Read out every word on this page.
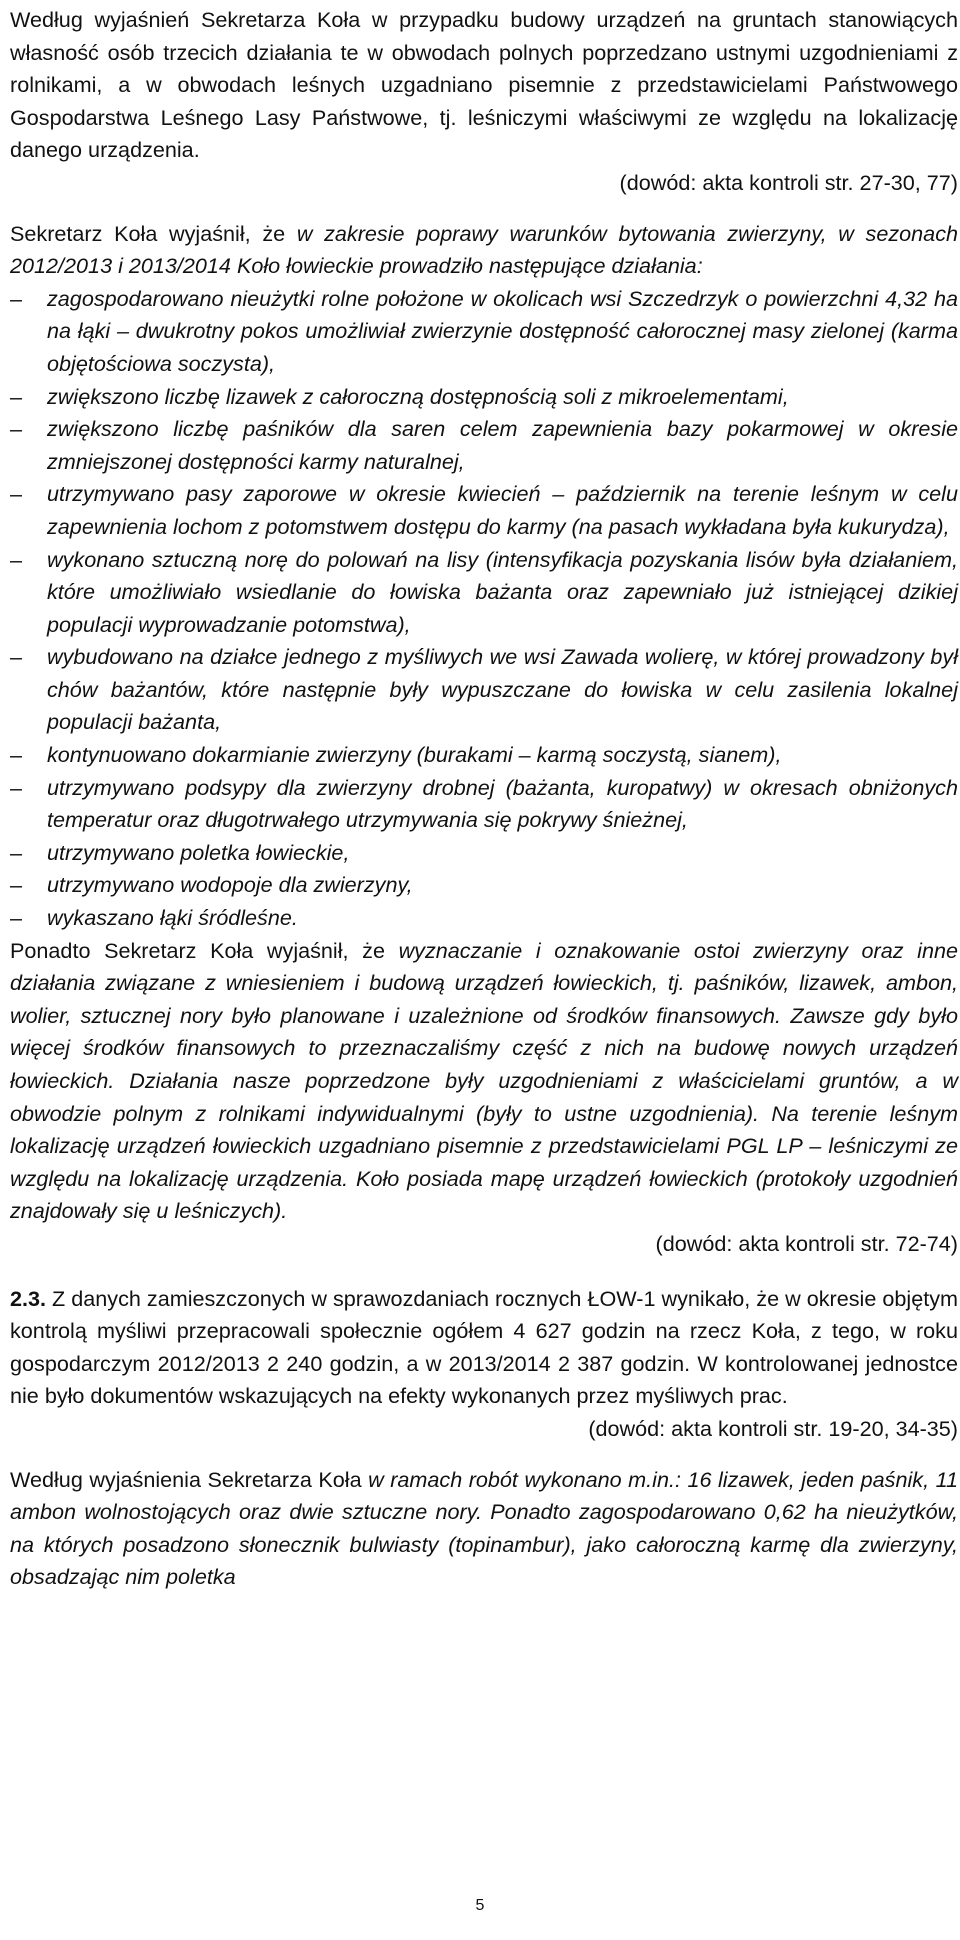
Według wyjaśnień Sekretarza Koła w przypadku budowy urządzeń na gruntach stanowiących własność osób trzecich działania te w obwodach polnych poprzedzano ustnymi uzgodnieniami z rolnikami, a w obwodach leśnych uzgadniano pisemnie z przedstawicielami Państwowego Gospodarstwa Leśnego Lasy Państwowe, tj. leśniczymi właściwymi ze względu na lokalizację danego urządzenia.

(dowód: akta kontroli str. 27-30, 77)

Sekretarz Koła wyjaśnił, że w zakresie poprawy warunków bytowania zwierzyny, w sezonach 2012/2013 i 2013/2014 Koło łowieckie prowadziło następujące działania:

– zagospodarowano nieużytki rolne położone w okolicach wsi Szczedrzyk o powierzchni 4,32 ha na łąki – dwukrotny pokos umożliwiał zwierzynie dostępność całorocznej masy zielonej (karma objętościowa soczysta),
– zwiększono liczbę lizawek z całoroczną dostępnością soli z mikroelementami,
– zwiększono liczbę paśników dla saren celem zapewnienia bazy pokarmowej w okresie zmniejszonej dostępności karmy naturalnej,
– utrzymywano pasy zaporowe w okresie kwiecień – październik na terenie leśnym w celu zapewnienia lochom z potomstwem dostępu do karmy (na pasach wykładana była kukurydza),
– wykonano sztuczną norę do polowań na lisy (intensyfikacja pozyskania lisów była działaniem, które umożliwiało wsiedlanie do łowiska bażanta oraz zapewniało już istniejącej dzikiej populacji wyprowadzanie potomstwa),
– wybudowano na działce jednego z myśliwych we wsi Zawada wolierę, w której prowadzony był chów bażantów, które następnie były wypuszczane do łowiska w celu zasilenia lokalnej populacji bażanta,
– kontynuowano dokarmianie zwierzyny (burakami – karmą soczystą, sianem),
– utrzymywano podsypy dla zwierzyny drobnej (bażanta, kuropatwy) w okresach obniżonych temperatur oraz długotrwałego utrzymywania się pokrywy śnieżnej,
– utrzymywano poletka łowieckie,
– utrzymywano wodopoje dla zwierzyny,
– wykaszano łąki śródleśne.

Ponadto Sekretarz Koła wyjaśnił, że wyznaczanie i oznakowanie ostoi zwierzyny oraz inne działania związane z wniesieniem i budową urządzeń łowieckich, tj. paśników, lizawek, ambon, wolier, sztucznej nory było planowane i uzależnione od środków finansowych. Zawsze gdy było więcej środków finansowych to przeznaczaliśmy część z nich na budowę nowych urządzeń łowieckich. Działania nasze poprzedzone były uzgodnieniami z właścicielami gruntów, a w obwodzie polnym z rolnikami indywidualnymi (były to ustne uzgodnienia). Na terenie leśnym lokalizację urządzeń łowieckich uzgadniano pisemnie z przedstawicielami PGL LP – leśniczymi ze względu na lokalizację urządzenia. Koło posiada mapę urządzeń łowieckich (protokoły uzgodnień znajdowały się u leśniczych).

(dowód: akta kontroli str. 72-74)

2.3. Z danych zamieszczonych w sprawozdaniach rocznych ŁOW-1 wynikało, że w okresie objętym kontrolą myśliwi przepracowali społecznie ogółem 4 627 godzin na rzecz Koła, z tego, w roku gospodarczym 2012/2013 2 240 godzin, a w 2013/2014 2 387 godzin. W kontrolowanej jednostce nie było dokumentów wskazujących na efekty wykonanych przez myśliwych prac.

(dowód: akta kontroli str. 19-20, 34-35)

Według wyjaśnienia Sekretarza Koła w ramach robót wykonano m.in.: 16 lizawek, jeden paśnik, 11 ambon wolnostojących oraz dwie sztuczne nory. Ponadto zagospodarowano 0,62 ha nieużytków, na których posadzono słonecznik bulwiasty (topinambur), jako całoroczną karmę dla zwierzyny, obsadzając nim poletka

5
